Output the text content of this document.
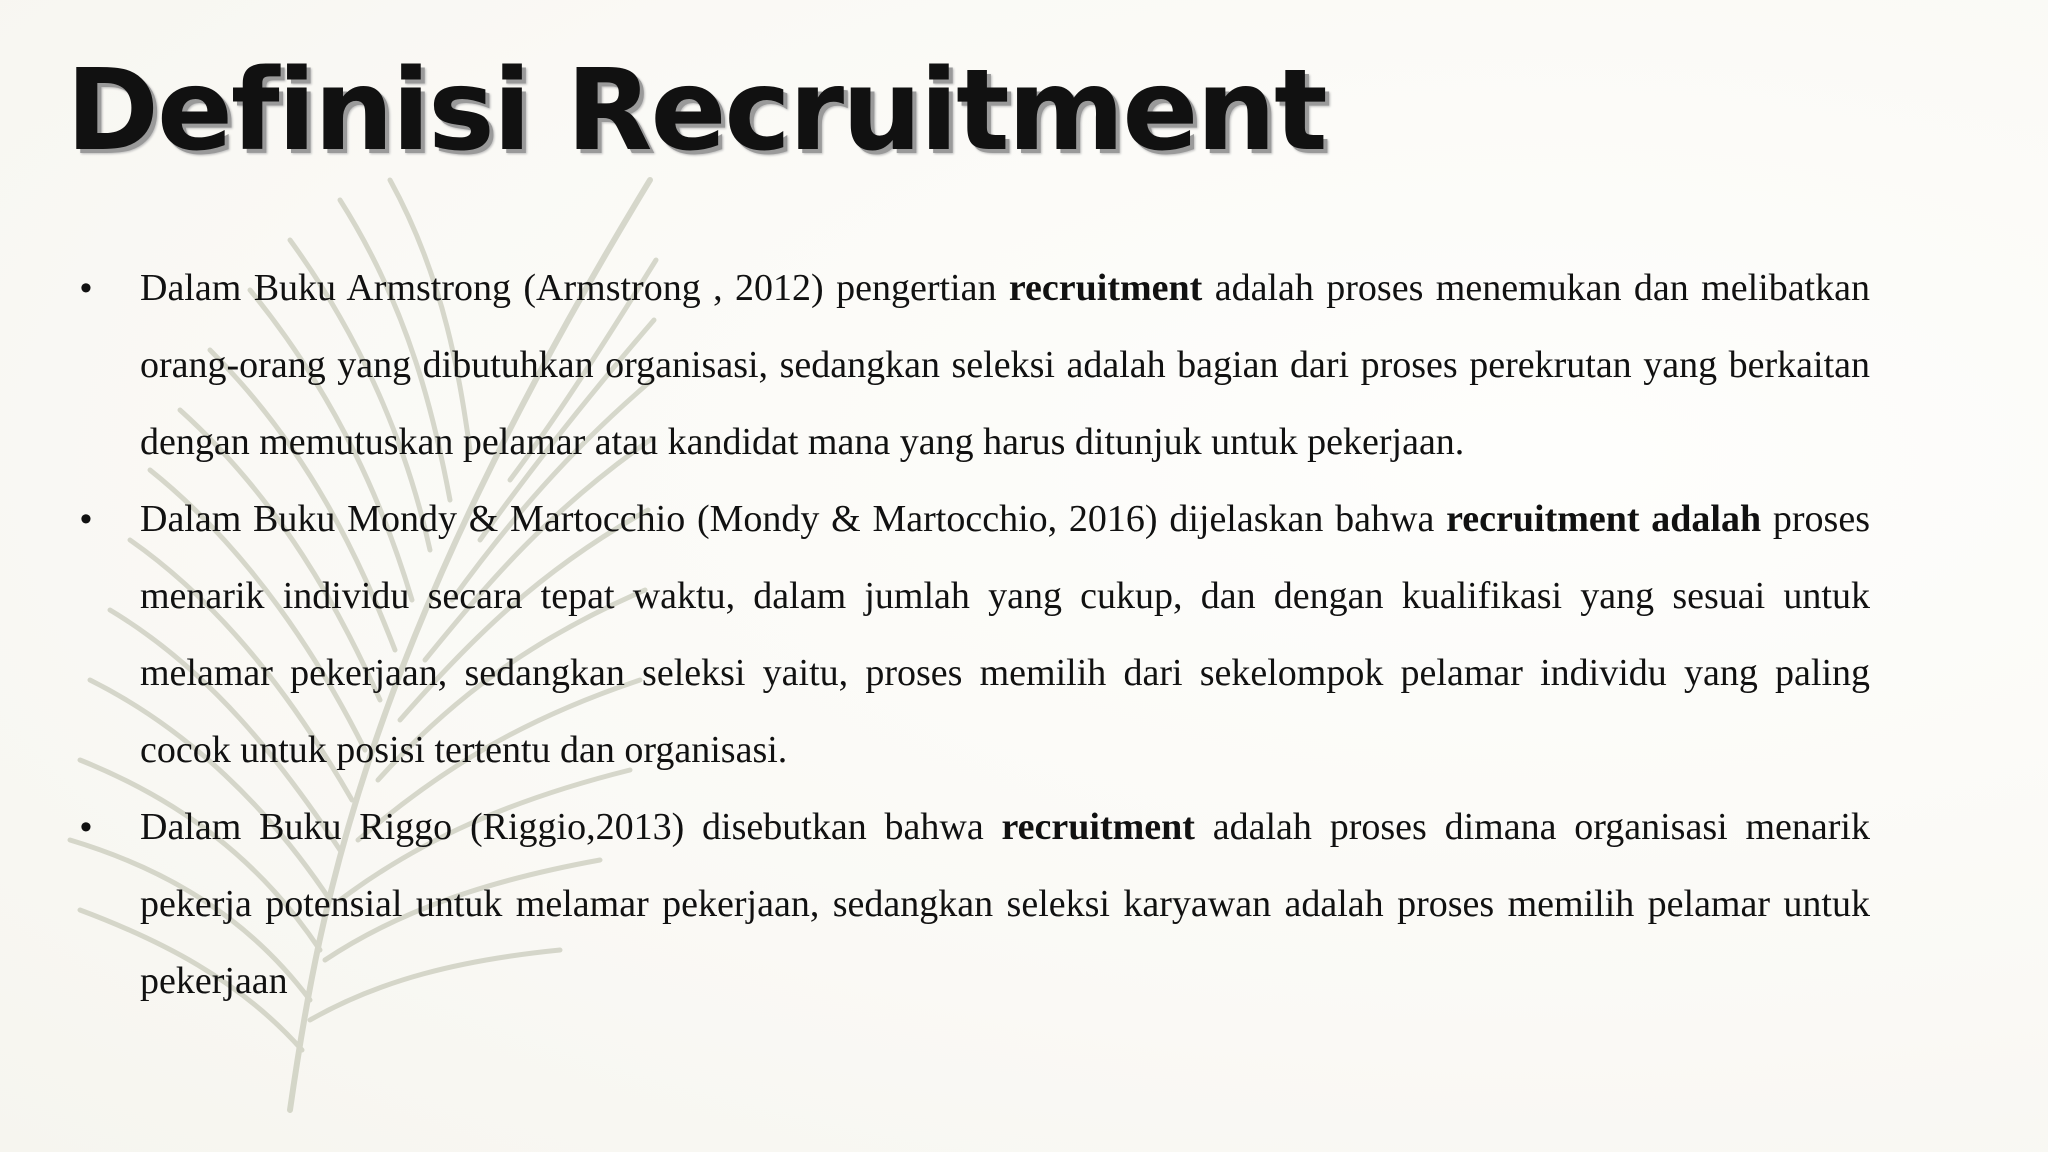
Definisi Recruitment
• Dalam Buku Armstrong (Armstrong , 2012) pengertian recruitment adalah proses menemukan dan melibatkan orang-orang yang dibutuhkan organisasi, sedangkan seleksi adalah bagian dari proses perekrutan yang berkaitan dengan memutuskan pelamar atau kandidat mana yang harus ditunjuk untuk pekerjaan.
• Dalam Buku Mondy & Martocchio (Mondy & Martocchio, 2016) dijelaskan bahwa recruitment adalah proses menarik individu secara tepat waktu, dalam jumlah yang cukup, dan dengan kualifikasi yang sesuai untuk melamar pekerjaan, sedangkan seleksi yaitu, proses memilih dari sekelompok pelamar individu yang paling cocok untuk posisi tertentu dan organisasi.
• Dalam Buku Riggo (Riggio,2013) disebutkan bahwa recruitment adalah proses dimana organisasi menarik pekerja potensial untuk melamar pekerjaan, sedangkan seleksi karyawan adalah proses memilih pelamar untuk pekerjaan
